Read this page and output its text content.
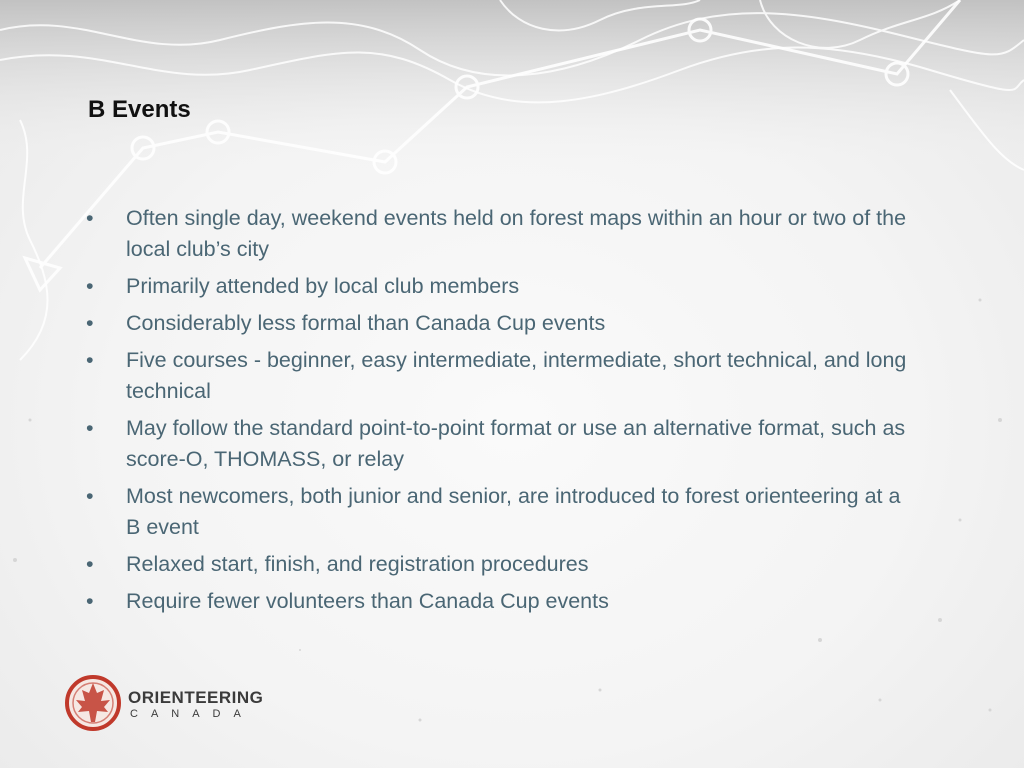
B Events
•	Often single day, weekend events held on forest maps within an hour or two of the local club’s city
•	Primarily attended by local club members
•	Considerably less formal than Canada Cup events
•	Five courses - beginner, easy intermediate, intermediate, short technical, and long technical
•	May follow the standard point-to-point format or use an alternative format, such as score-O, THOMASS, or relay
•	Most newcomers, both junior and senior, are introduced to forest orienteering at a B event
•	Relaxed start, finish, and registration procedures
•	Require fewer volunteers than Canada Cup events
ORIENTEERING
CANADA
